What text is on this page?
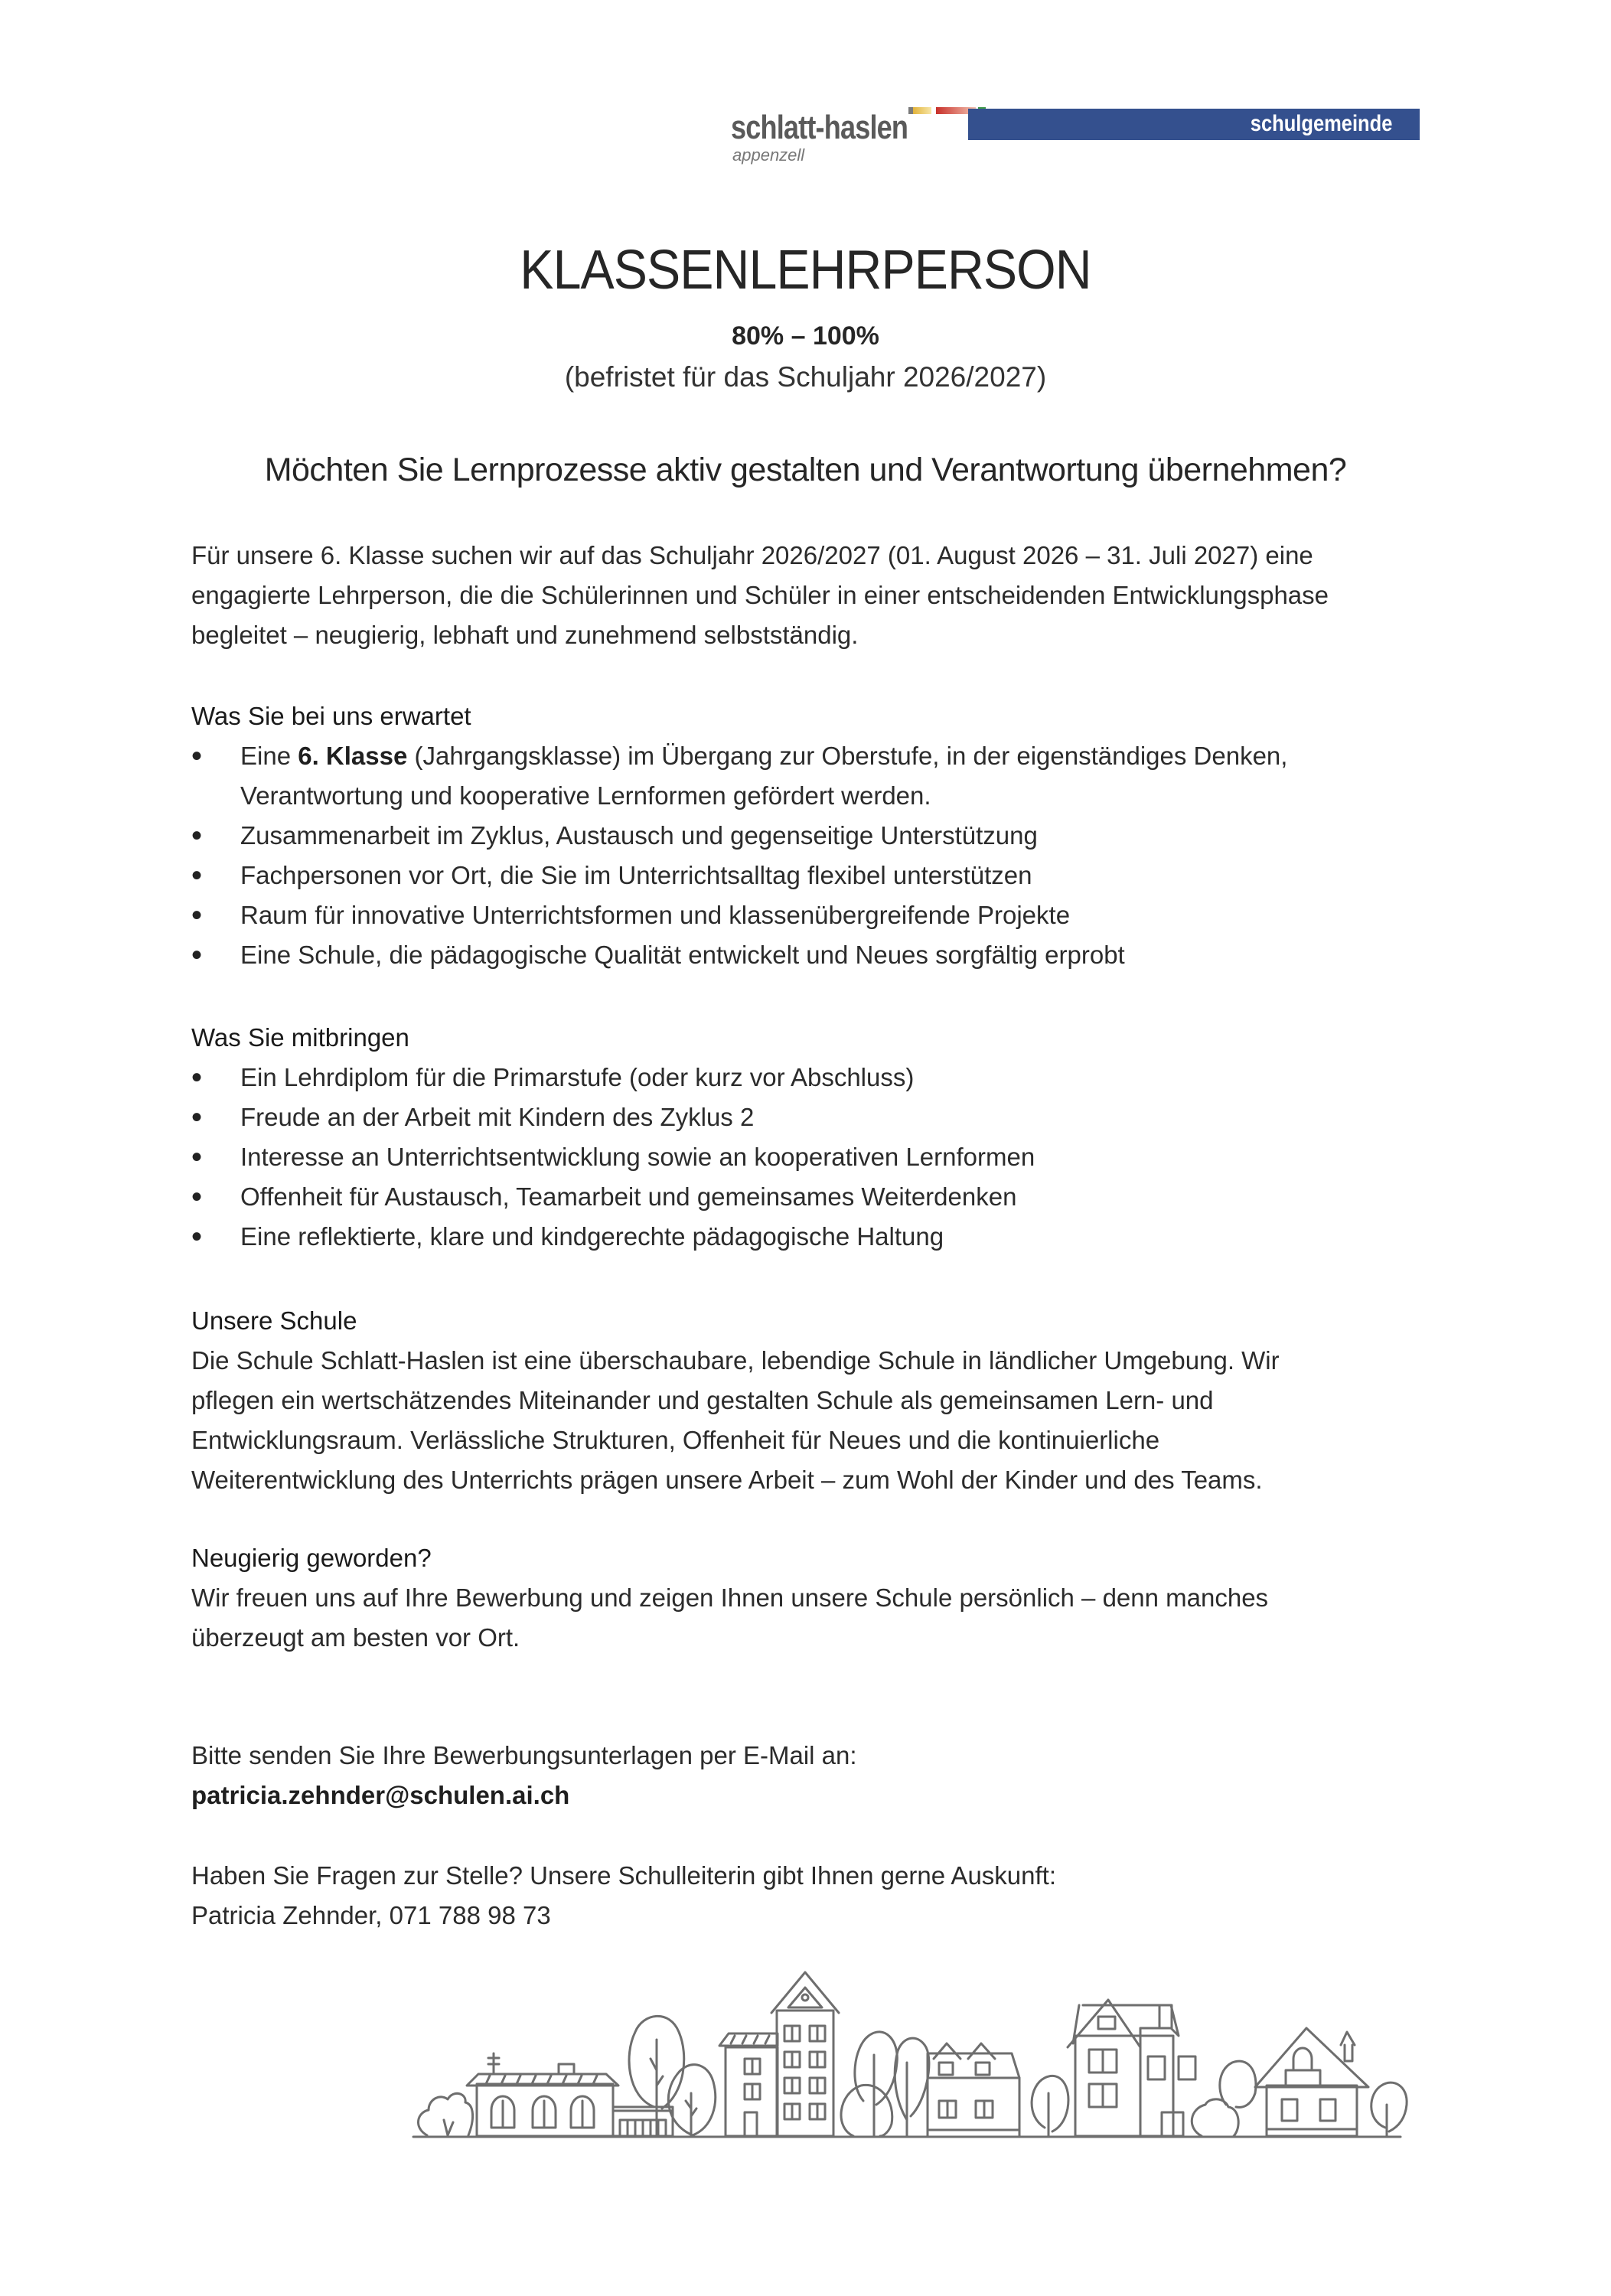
schlatt-haslen
appenzell
schulgemeinde
KLASSENLEHRPERSON
80% – 100%
(befristet für das Schuljahr 2026/2027)
Möchten Sie Lernprozesse aktiv gestalten und Verantwortung übernehmen?

Für unsere 6. Klasse suchen wir auf das Schuljahr 2026/2027 (01. August 2026 – 31. Juli 2027) eine

engagierte Lehrperson, die die Schülerinnen und Schüler in einer entscheidenden Entwicklungsphase

begleitet – neugierig, lebhaft und zunehmend selbstständig.

Was Sie bei uns erwartet

• Eine 6. Klasse (Jahrgangsklasse) im Übergang zur Oberstufe, in der eigenständiges Denken,
Verantwortung und kooperative Lernformen gefördert werden.
• Zusammenarbeit im Zyklus, Austausch und gegenseitige Unterstützung
• Fachpersonen vor Ort, die Sie im Unterrichtsalltag flexibel unterstützen
• Raum für innovative Unterrichtsformen und klassenübergreifende Projekte
• Eine Schule, die pädagogische Qualität entwickelt und Neues sorgfältig erprobt

Was Sie mitbringen

• Ein Lehrdiplom für die Primarstufe (oder kurz vor Abschluss)
• Freude an der Arbeit mit Kindern des Zyklus 2
• Interesse an Unterrichtsentwicklung sowie an kooperativen Lernformen
• Offenheit für Austausch, Teamarbeit und gemeinsames Weiterdenken
• Eine reflektierte, klare und kindgerechte pädagogische Haltung

Unsere Schule

Die Schule Schlatt-Haslen ist eine überschaubare, lebendige Schule in ländlicher Umgebung. Wir

pflegen ein wertschätzendes Miteinander und gestalten Schule als gemeinsamen Lern- und

Entwicklungsraum. Verlässliche Strukturen, Offenheit für Neues und die kontinuierliche

Weiterentwicklung des Unterrichts prägen unsere Arbeit – zum Wohl der Kinder und des Teams.

Neugierig geworden?

Wir freuen uns auf Ihre Bewerbung und zeigen Ihnen unsere Schule persönlich – denn manches

überzeugt am besten vor Ort.

Bitte senden Sie Ihre Bewerbungsunterlagen per E-Mail an:

patricia.zehnder@schulen.ai.ch

Haben Sie Fragen zur Stelle? Unsere Schulleiterin gibt Ihnen gerne Auskunft:

Patricia Zehnder, 071 788 98 73
